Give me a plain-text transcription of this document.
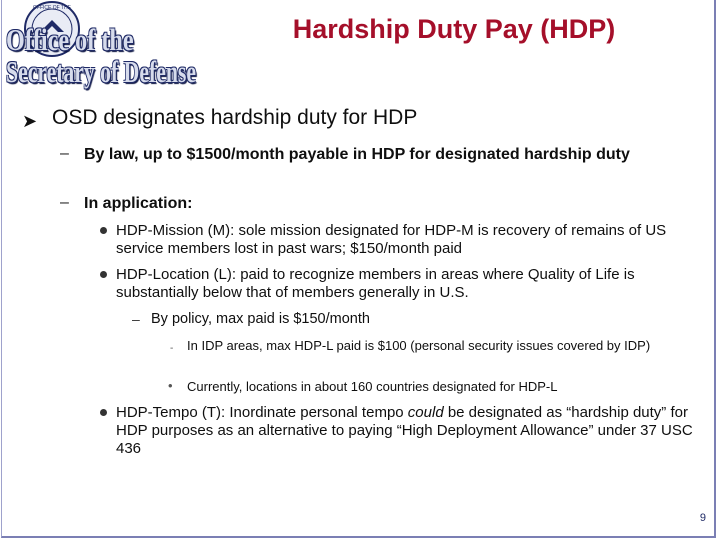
OFFICE OF THE
Office of the
Secretary of Defense
Hardship Duty Pay (HDP)
➤ OSD designates hardship duty for HDP
– By law, up to $1500/month payable in HDP for designated hardship duty
– In application:
HDP-Mission (M): sole mission designated for HDP-M is recovery of remains of US service members lost in past wars; $150/month paid
HDP-Location (L): paid to recognize members in areas where Quality of Life is substantially below that of members generally in U.S.
– By policy, max paid is $150/month
- In IDP areas, max HDP-L paid is $100 (personal security issues covered by IDP)
• Currently, locations in about 160 countries designated for HDP-L
HDP-Tempo (T): Inordinate personal tempo could be designated as “hardship duty” for HDP purposes as an alternative to paying “High Deployment Allowance” under 37 USC 436
9
